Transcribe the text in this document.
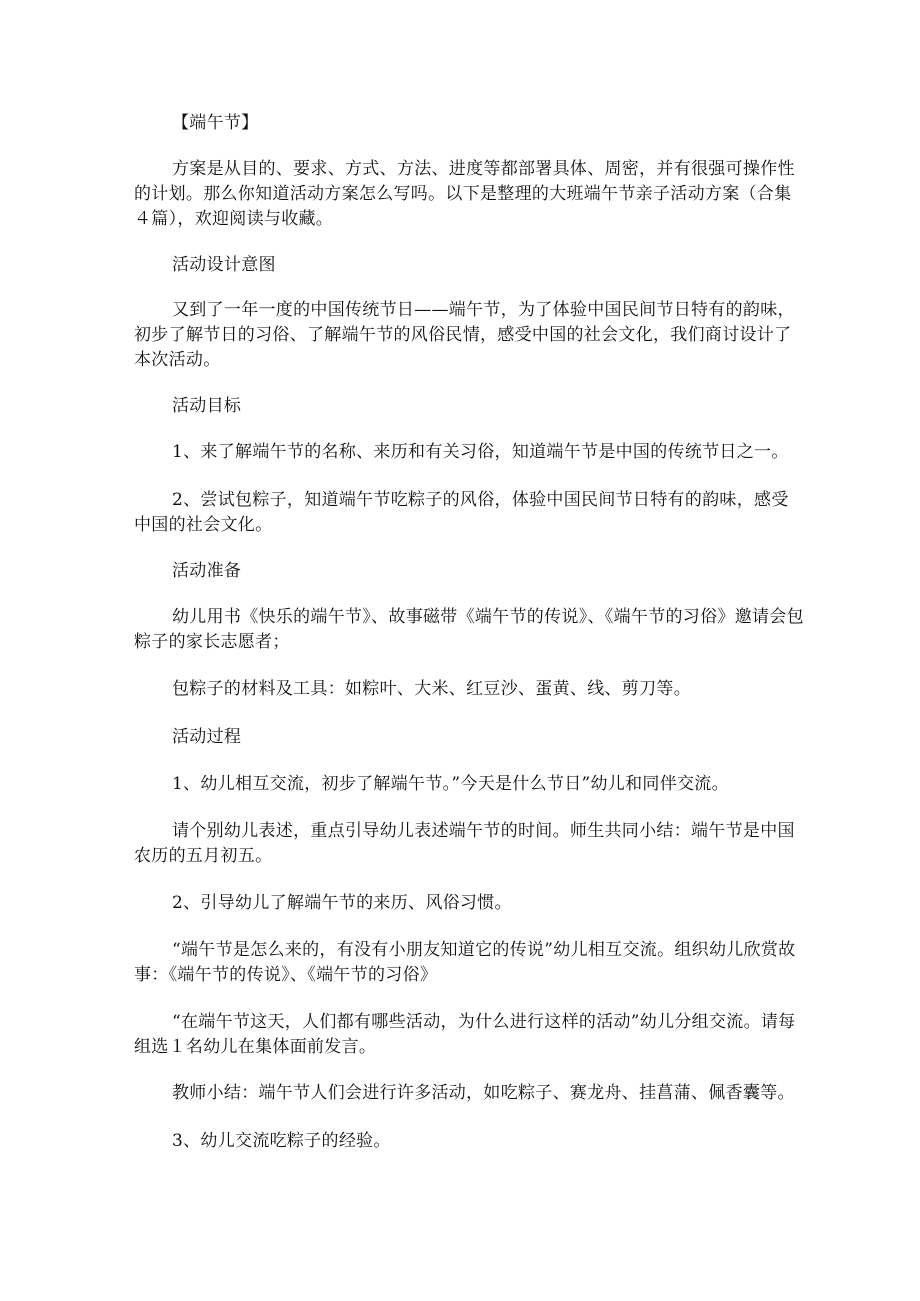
【端午节】

方案是从目的、要求、方式、方法、进度等都部署具体、周密，并有很强可操作性的计划。那么你知道活动方案怎么写吗。以下是整理的大班端午节亲子活动方案（合集４篇），欢迎阅读与收藏。

活动设计意图

又到了一年一度的中国传统节日——端午节，为了体验中国民间节日特有的韵味，初步了解节日的习俗、了解端午节的风俗民情，感受中国的社会文化，我们商讨设计了本次活动。

活动目标

1、来了解端午节的名称、来历和有关习俗，知道端午节是中国的传统节日之一。

2、尝试包粽子，知道端午节吃粽子的风俗，体验中国民间节日特有的韵味，感受中国的社会文化。

活动准备

幼儿用书《快乐的端午节》、故事磁带《端午节的传说》、《端午节的习俗》邀请会包粽子的家长志愿者；

包粽子的材料及工具：如粽叶、大米、红豆沙、蛋黄、线、剪刀等。

活动过程

1、幼儿相互交流，初步了解端午节。”今天是什么节日”幼儿和同伴交流。

请个别幼儿表述，重点引导幼儿表述端午节的时间。师生共同小结：端午节是中国农历的五月初五。

2、引导幼儿了解端午节的来历、风俗习惯。

“端午节是怎么来的，有没有小朋友知道它的传说”幼儿相互交流。组织幼儿欣赏故事：《端午节的传说》、《端午节的习俗》

“在端午节这天，人们都有哪些活动，为什么进行这样的活动”幼儿分组交流。请每组选１名幼儿在集体面前发言。

教师小结：端午节人们会进行许多活动，如吃粽子、赛龙舟、挂菖蒲、佩香囊等。

3、幼儿交流吃粽子的经验。
